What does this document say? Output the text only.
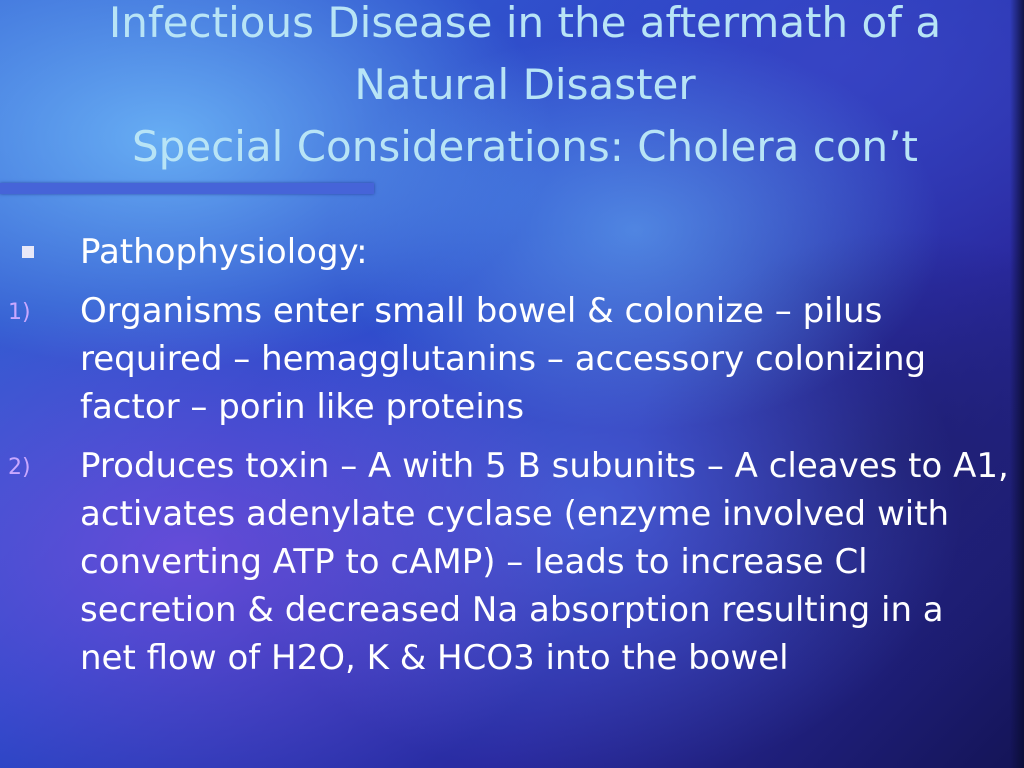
Infectious Disease in the aftermath of a
Natural Disaster
Special Considerations: Cholera con’t
Pathophysiology:
1) Organisms enter small bowel & colonize – pilus required – hemagglutanins – accessory colonizing factor – porin like proteins
2) Produces toxin – A with 5 B subunits – A cleaves to A1, activates adenylate cyclase (enzyme involved with converting ATP to cAMP) – leads to increase Cl secretion & decreased Na absorption resulting in a net flow of H2O, K & HCO3 into the bowel
